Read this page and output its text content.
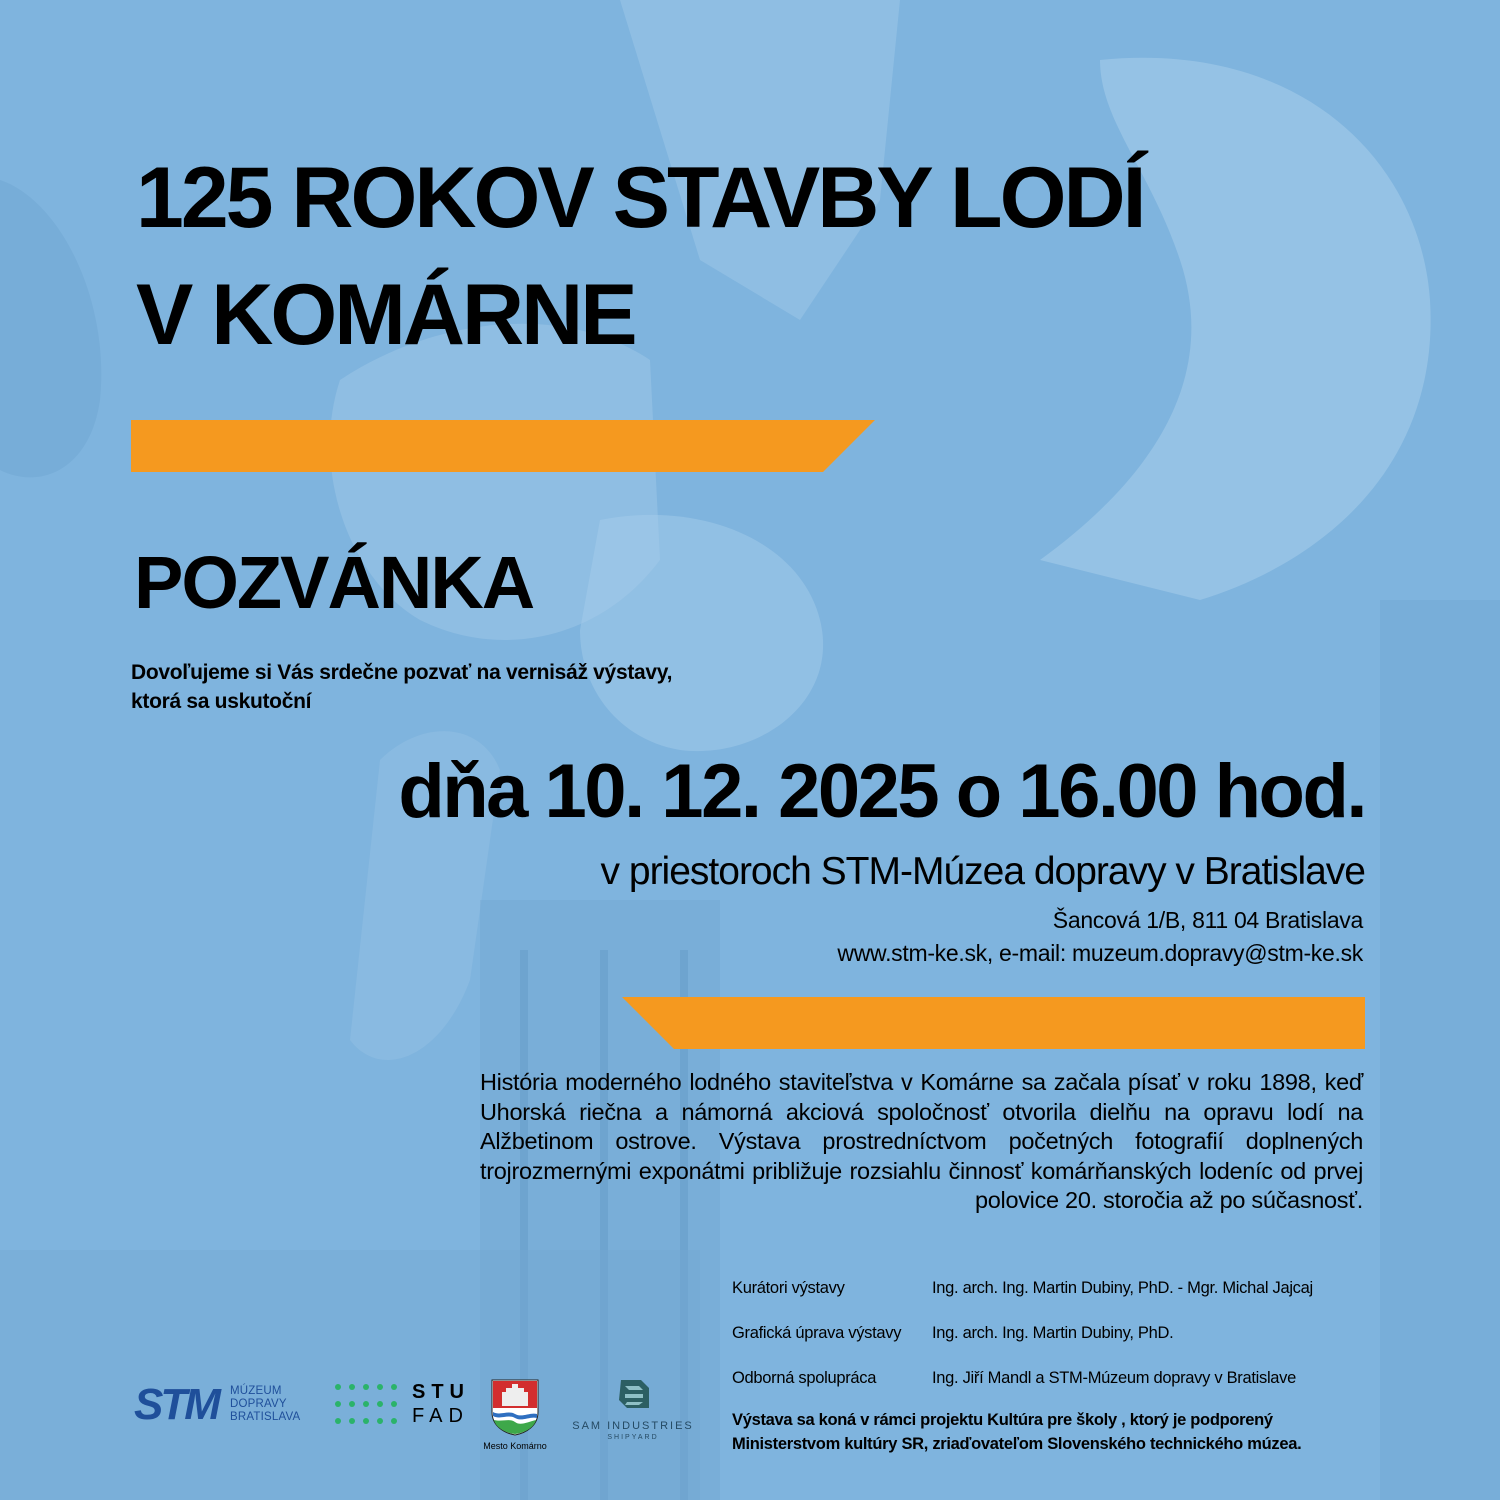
125 ROKOV STAVBY LODÍ
V KOMÁRNE
POZVÁNKA
Dovoľujeme si Vás srdečne pozvať na vernisáž výstavy,
ktorá sa uskutoční
dňa 10. 12. 2025 o 16.00 hod.
v priestoroch STM-Múzea dopravy v Bratislave
Šancová 1/B, 811 04 Bratislava
www.stm-ke.sk, e-mail: muzeum.dopravy@stm-ke.sk

História moderného lodného staviteľstva v Komárne sa začala písať v roku 1898, keď Uhorská riečna a námorná akciová spoločnosť otvorila dielňu na opravu lodí na Alžbetinom ostrove. Výstava prostredníctvom početných fotografií doplnených trojrozmernými exponátmi približuje rozsiahlu činnosť komárňanských lodeníc od prvej polovice 20. storočia až po súčasnosť.

Kurátori výstavy	Ing. arch. Ing. Martin Dubiny, PhD. - Mgr. Michal Jajcaj
Grafická úprava výstavy Ing. arch. Ing. Martin Dubiny, PhD.
Odborná spolupráca	Ing. Jiří Mandl a STM-Múzeum dopravy v Bratislave
Výstava sa koná v rámci projektu Kultúra pre školy , ktorý je podporený
Ministerstvom kultúry SR, zriaďovateľom Slovenského technického múzea.
STM MÚZEUM
DOPRAVY
BRATISLAVA
STU
FAD
Mesto Komárno
SAM INDUSTRIES
SHIPYARD
